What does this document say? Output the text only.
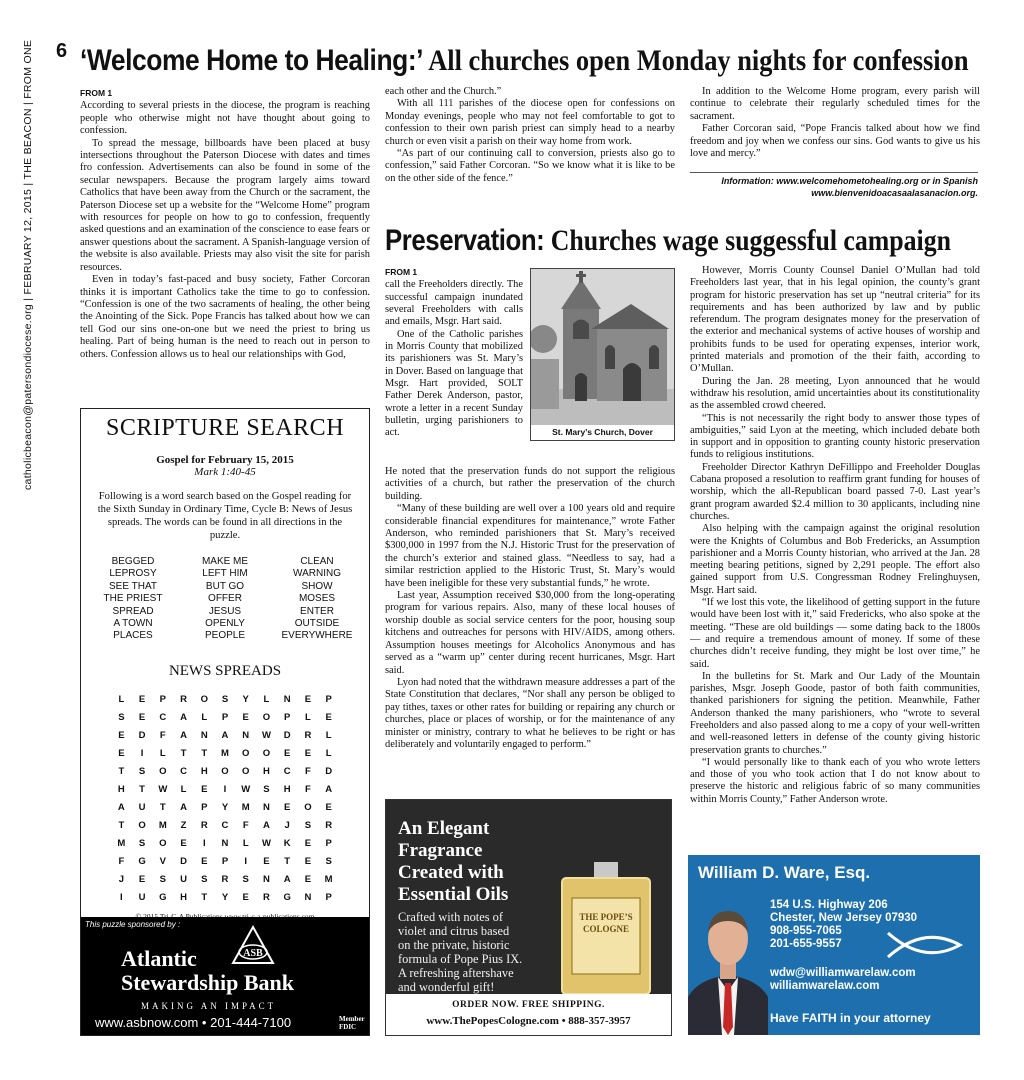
6
catholicbeacon@patersondiocese.org | FEBRUARY 12, 2015 | THE BEACON | FROM ONE ‘Welcome Home to Healing:’ All churches open Monday nights for confession
FROM 1

According to several priests in the diocese, the program is reaching people who otherwise might not have thought about going to confession.

To spread the message, billboards have been placed at busy intersections throughout the Paterson Diocese with dates and times fro confession. Advertisements can also be found in some of the secular newspapers. Because the program largely aims toward Catholics that have been away from the Church or the sacrament, the Paterson Diocese set up a website for the “Welcome Home” program with resources for people on how to go to confession, frequently asked questions and an examination of the conscience to ease fears or answer questions about the sacrament. A Spanish-language version of the website is also available. Priests may also visit the site for parish resources.

Even in today’s fast-paced and busy society, Father Corcoran thinks it is important Catholics take the time to go to confession. “Confession is one of the two sacraments of healing, the other being the Anointing of the Sick. Pope Francis has talked about how we can tell God our sins one-on-one but we need the priest to bring us healing. Part of being human is the need to reach out in person to others. Confession allows us to heal our relationships with God,

each other and the Church.”

With all 111 parishes of the diocese open for confessions on Monday evenings, people who may not feel comfortable to got to confession to their own parish priest can simply head to a nearby church or even visit a parish on their way home from work.

“As part of our continuing call to conversion, priests also go to confession,” said Father Corcoran. “So we know what it is like to be on the other side of the fence.”

In addition to the Welcome Home program, every parish will continue to celebrate their regularly scheduled times for the sacrament.

Father Corcoran said, “Pope Francis talked about how we find freedom and joy when we confess our sins. God wants to give us his love and mercy.”

Information: www.welcomehometohealing.org or in Spanish www.bienvenidoacasaalasanacion.org.
Preservation: Churches wage suggessful campaign
FROM 1

call the Freeholders directly. The successful campaign inundated several Freeholders with calls and emails, Msgr. Hart said.

One of the Catholic parishes in Morris County that mobilized its parishioners was St. Mary’s in Dover. Based on language that Msgr. Hart provided, SOLT Father Derek Anderson, pastor, wrote a letter in a recent Sunday bulletin, urging parishioners to act.	St. Mary’s Church, Dover

He noted that the preservation funds do not support the religious activities of a church, but rather the preservation of the church building.

“Many of these building are well over a 100 years old and require considerable financial expenditures for maintenance,” wrote Father Anderson, who reminded parishioners that St. Mary’s received $300,000 in 1997 from the N.J. Historic Trust for the preservation of the church’s exterior and stained glass. “Needless to say, had a similar restriction applied to the Historic Trust, St. Mary’s would have been ineligible for these very substantial funds,” he wrote.

Last year, Assumption received $30,000 from the long-operating program for various repairs. Also, many of these local houses of worship double as social service centers for the poor, housing soup kitchens and outreaches for persons with HIV/AIDS, among others. Assumption houses meetings for Alcoholics Anonymous and has served as a “warm up” center during recent hurricanes, Msgr. Hart said.

Lyon had noted that the withdrawn measure addresses a part of the State Constitution that declares, “Nor shall any person be obliged to pay tithes, taxes or other rates for building or repairing any church or churches, place or places of worship, or for the maintenance of any minister or ministry, contrary to what he believes to be right or has deliberately and voluntarily engaged to perform.”

However, Morris County Counsel Daniel O’Mullan had told Freeholders last year, that in his legal opinion, the county’s grant program for historic preservation has set up “neutral criteria” for its requirements and has been authorized by law and by public referendum. The program designates money for the preservation of the exterior and mechanical systems of active houses of worship and prohibits funds to be used for operating expenses, interior work, printed materials and promotion of the their faith, according to O’Mullan.

During the Jan. 28 meeting, Lyon announced that he would withdraw his resolution, amid uncertainties about its constitutionality as the assembled crowd cheered.

“This is not necessarily the right body to answer those types of ambiguities,” said Lyon at the meeting, which included debate both in support and in opposition to granting county historic preservation funds to religious institutions.

Freeholder Director Kathryn DeFillippo and Freeholder Douglas Cabana proposed a resolution to reaffirm grant funding for houses of worship, which the all-Republican board passed 7-0. Last year’s grant program awarded $2.4 million to 30 applicants, including nine churches.

Also helping with the campaign against the original resolution were the Knights of Columbus and Bob Fredericks, an Assumption parishioner and a Morris County historian, who arrived at the Jan. 28 meeting bearing petitions, signed by 2,291 people. The effort also gained support from U.S. Congressman Rodney Frelinghuysen, Msgr. Hart said.

“If we lost this vote, the likelihood of getting support in the future would have been lost with it,” said Fredericks, who also spoke at the meeting. “These are old buildings — some dating back to the 1800s — and require a tremendous amount of money. If some of these churches didn’t receive funding, they might be lost over time,” he said.

In the bulletins for St. Mark and Our Lady of the Mountain parishes, Msgr. Joseph Goode, pastor of both faith communities, thanked parishioners for signing the petition. Meanwhile, Father Anderson thanked the many parishioners, who “wrote to several Freeholders and also passed along to me a copy of your well-written and well-reasoned letters in defense of the county giving historic preservation grants to churches.”

“I would personally like to thank each of you who wrote letters and those of you who took action that I do not know about to preserve the historic and religious fabric of so many communities within Morris County,” Father Anderson wrote.

SCRIPTURE SEARCH
Gospel for February 15, 2015
Mark 1:40-45
Following is a word search based on the Gospel reading for the Sixth Sunday in Ordinary Time, Cycle B: News of Jesus spreads. The words can be found in all directions in the puzzle.
BEGGED	MAKE ME	CLEAN
LEPROSY	LEFT HIM	WARNING
SEE THAT	BUT GO	SHOW
THE PRIEST	OFFER	MOSES
SPREAD	JESUS	ENTER
A TOWN	OPENLY	OUTSIDE
PLACES	PEOPLE	EVERYWHERE
NEWS SPREADS
L	E	P	R	O	S	Y	L	N	E	P
S	E	C	A	L	P	E	O	P	L	E
E	D	F	A	N	A	N	W	D	R	L
E	I	L	T	T	M	O	O	E	E	L
T	S	O	C	H	O	O	H	C	F	D
H	T	W	L	E	I	W	S	H	F	A
A	U	T	A	P	Y	M	N	E	O	E
T	O	M	Z	R	C	F	A	J	S	R
M	S	O	E	I	N	L	W	K	E	P
F	G	V	D	E	P	I	E	T	E	S
J	E	S	U	S	R	S	N	A	E	M
I	U	G	H	T	Y	E	R	G	N	P
This puzzle sponsored by :
ASB
Atlantic
Stewardship Bank
MAKING AN IMPACT
www.asbnow.com • 201-444-7100	Member FDIC
An Elegant
Fragrance
Created with
Essential Oils
Crafted with notes of
violet and citrus based
on the private, historic
formula of Pope Pius IX.
A refreshing aftershave
and wonderful gift!
THE POPE’S
COLOGNE
ORDER NOW. FREE SHIPPING.
www.ThePopesCologne.com • 888-357-3957
William D. Ware, Esq.
154 U.S. Highway 206
Chester, New Jersey 07930
908-955-7065
201-655-9557
wdw@williamwarelaw.com
williamwarelaw.com
Have FAITH in your attorney
